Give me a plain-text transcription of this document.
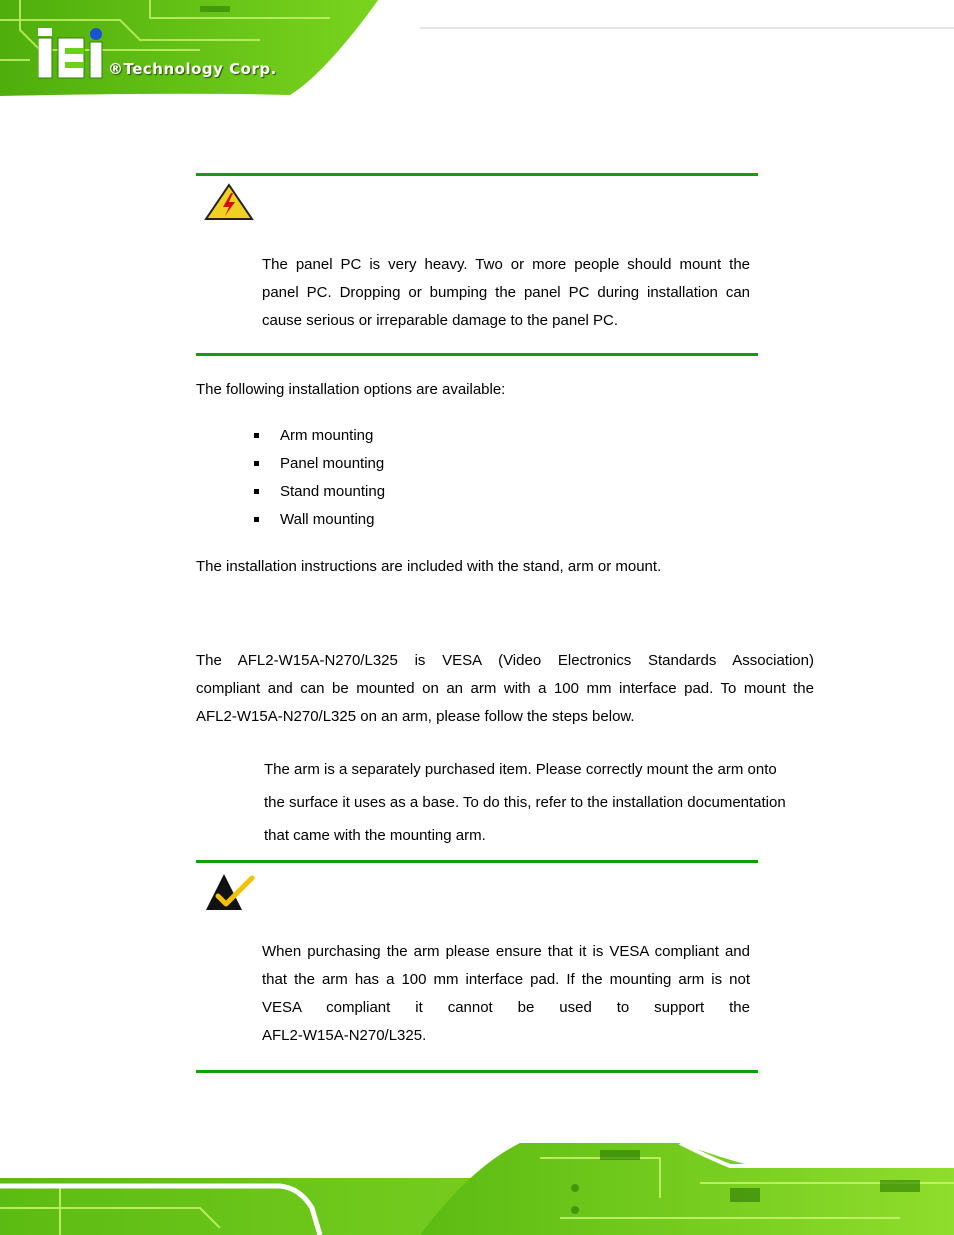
®Technology Corp.
The panel PC is very heavy. Two or more people should mount the
panel PC. Dropping or bumping the panel PC during installation can
cause serious or irreparable damage to the panel PC.

The following installation options are available:

Arm mounting
Panel mounting
Stand mounting
Wall mounting

The installation instructions are included with the stand, arm or mount.

The AFL2-W15A-N270/L325 is VESA (Video Electronics Standards Association)
compliant and can be mounted on an arm with a 100 mm interface pad. To mount the
AFL2-W15A-N270/L325 on an arm, please follow the steps below.
The arm is a separately purchased item. Please correctly mount the arm onto
the surface it uses as a base. To do this, refer to the installation documentation
that came with the mounting arm.
When purchasing the arm please ensure that it is VESA compliant and
that the arm has a 100 mm interface pad. If the mounting arm is not
VESA compliant it cannot be used to support the
AFL2-W15A-N270/L325.
